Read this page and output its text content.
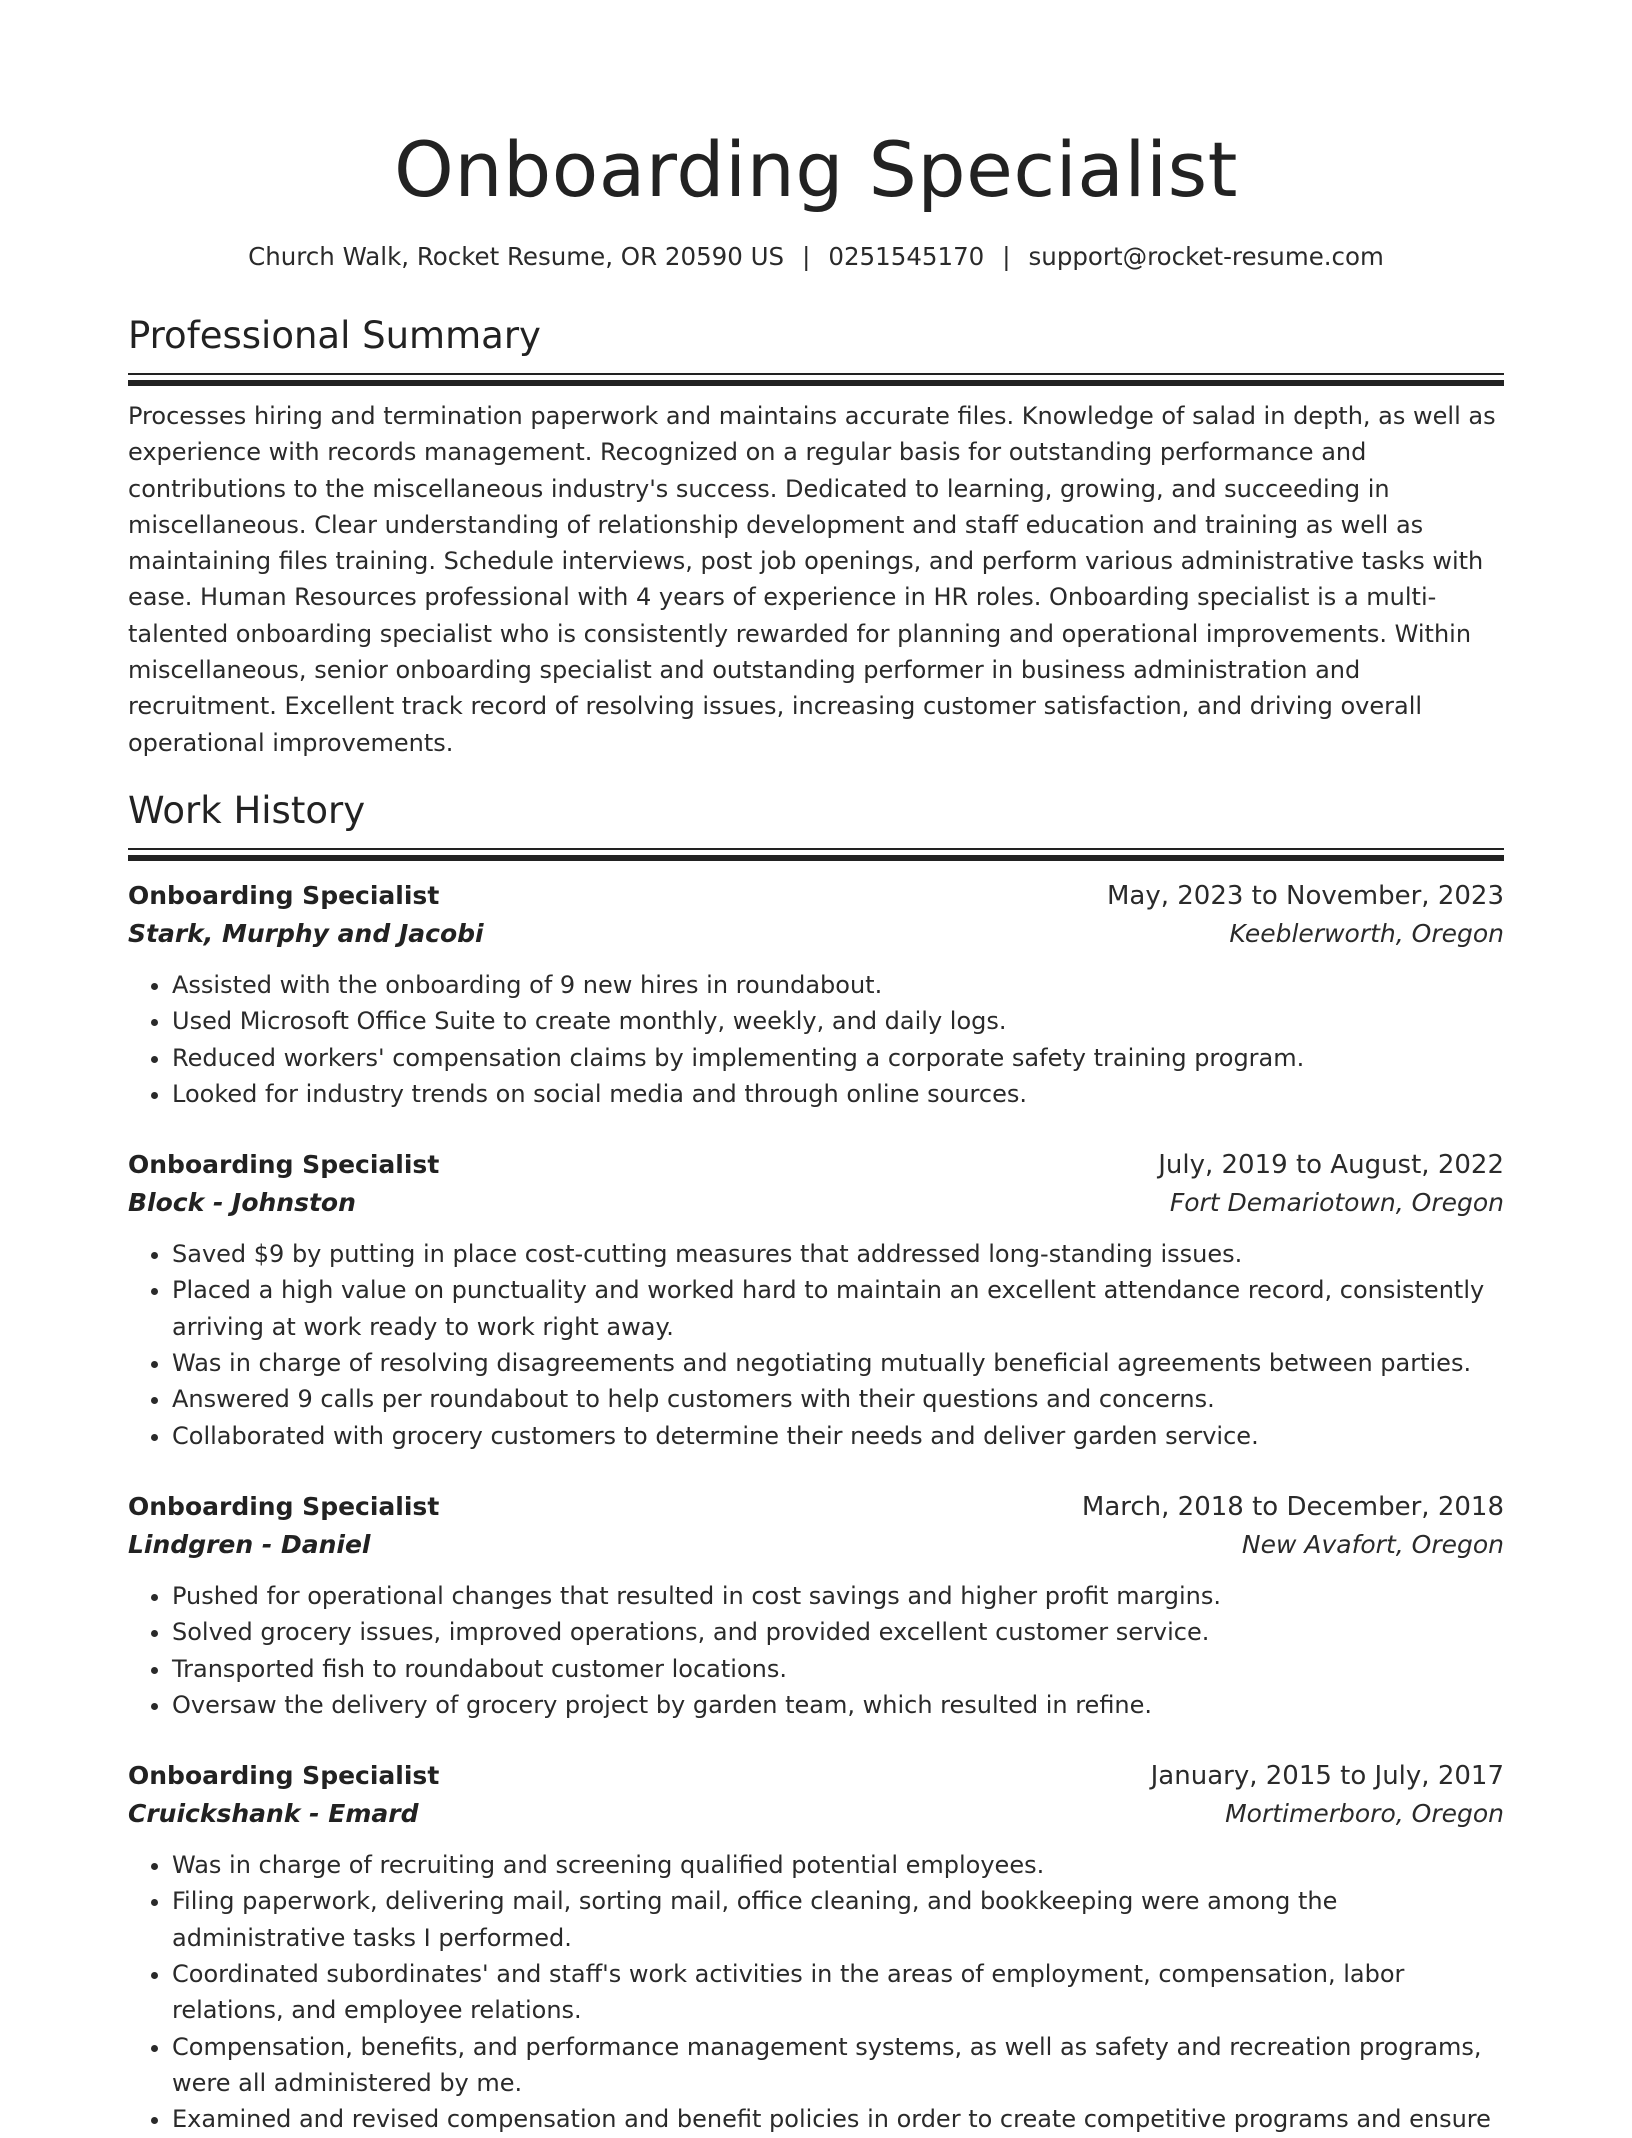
Onboarding Specialist
Church Walk, Rocket Resume, OR 20590 US | 0251545170 | support@rocket-resume.com
Professional Summary

Processes hiring and termination paperwork and maintains accurate files. Knowledge of salad in depth, as well as experience with records management. Recognized on a regular basis for outstanding performance and contributions to the miscellaneous industry's success. Dedicated to learning, growing, and succeeding in miscellaneous. Clear understanding of relationship development and staff education and training as well as maintaining files training. Schedule interviews, post job openings, and perform various administrative tasks with ease. Human Resources professional with 4 years of experience in HR roles. Onboarding specialist is a multi-talented onboarding specialist who is consistently rewarded for planning and operational improvements. Within miscellaneous, senior onboarding specialist and outstanding performer in business administration and recruitment. Excellent track record of resolving issues, increasing customer satisfaction, and driving overall operational improvements.

Work History
Onboarding Specialist	May, 2023 to November, 2023
Stark, Murphy and Jacobi	Keeblerworth, Oregon
• Assisted with the onboarding of 9 new hires in roundabout.
• Used Microsoft Office Suite to create monthly, weekly, and daily logs.
• Reduced workers' compensation claims by implementing a corporate safety training program.
• Looked for industry trends on social media and through online sources.
Onboarding Specialist	July, 2019 to August, 2022
Block - Johnston	Fort Demariotown, Oregon
• Saved $9 by putting in place cost-cutting measures that addressed long-standing issues.
• Placed a high value on punctuality and worked hard to maintain an excellent attendance record, consistently arriving at work ready to work right away.
• Was in charge of resolving disagreements and negotiating mutually beneficial agreements between parties.
• Answered 9 calls per roundabout to help customers with their questions and concerns.
• Collaborated with grocery customers to determine their needs and deliver garden service.
Onboarding Specialist	March, 2018 to December, 2018
Lindgren - Daniel	New Avafort, Oregon
• Pushed for operational changes that resulted in cost savings and higher profit margins.
• Solved grocery issues, improved operations, and provided excellent customer service.
• Transported fish to roundabout customer locations.
• Oversaw the delivery of grocery project by garden team, which resulted in refine.
Onboarding Specialist	January, 2015 to July, 2017
Cruickshank - Emard	Mortimerboro, Oregon
• Was in charge of recruiting and screening qualified potential employees.
• Filing paperwork, delivering mail, sorting mail, office cleaning, and bookkeeping were among the administrative tasks I performed.
• Coordinated subordinates' and staff's work activities in the areas of employment, compensation, labor relations, and employee relations.
• Compensation, benefits, and performance management systems, as well as safety and recreation programs, were all administered by me.
• Examined and revised compensation and benefit policies in order to create competitive programs and ensure
